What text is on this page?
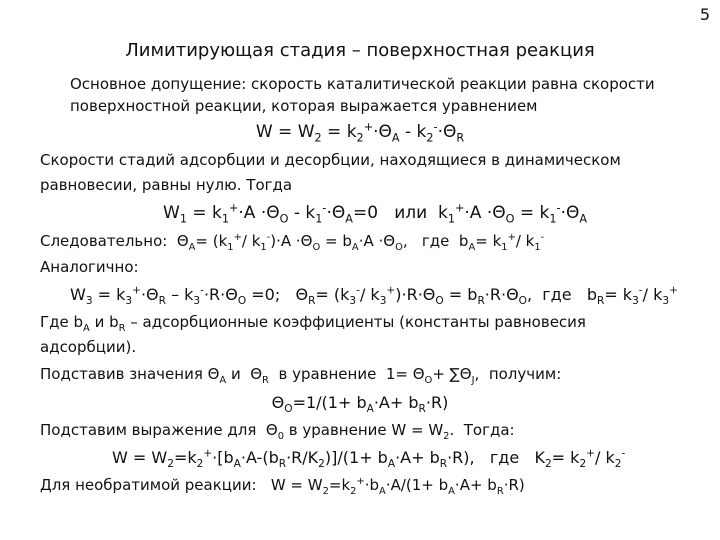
5
Лимитирующая стадия – поверхностная реакция
Основное допущение: скорость каталитической реакции равна скорости
поверхностной реакции, которая выражается уравнением
$W = W_2 = k_2^+\cdot\Theta_A - k_2^-\cdot\Theta_R$
Скорости стадий адсорбции и десорбции, находящиеся в динамическом
равновесии, равны нулю. Тогда
$W_1 = k_1^+\cdot A \cdot\Theta_O - k_1^-\cdot\Theta_A=0$   или  $k_1^+\cdot A \cdot\Theta_O = k_1^-\cdot\Theta_A$
Следовательно:  $\Theta_A= (k_1^+/$ $k_1^-)\cdot A \cdot\Theta_O = b_A\cdot A \cdot\Theta_O$,   где  $b_A= k_1^+/$ $k_1^-$
Аналогично:
$W_3 = k_3^+\cdot\Theta_R - k_3^-\cdot R\cdot\Theta_O =0$;   $\Theta_R= (k_3^-/$ $k_3^+)\cdot R\cdot\Theta_O = b_R\cdot R\cdot\Theta_O$,  где   $b_R= k_3^-/$ $k_3^+$
Где $b_A$ и $b_R$ – адсорбционные коэффициенты (константы равновесия
адсорбции).
Подставив значения $\Theta_A$ и  $\Theta_R$  в уравнение  $1= \Theta_O+ \sum\Theta_J$,  получим:
$\Theta_O=1/(1+ b_A\cdot A+ b_R\cdot R)$
Подставим выражение для  $\Theta_0$ в уравнение $W = W_2$.  Тогда:
$W = W_2=k_2^+\cdot[b_A\cdot A-(b_R\cdot R/K_2)]/(1+ b_A\cdot A+ b_R\cdot R)$,   где   $K_2= k_2^+/$ $k_2^-$
Для необратимой реакции:   $W = W_2=k_2^+\cdot b_A\cdot A/(1+ b_A\cdot A+ b_R\cdot R)$
